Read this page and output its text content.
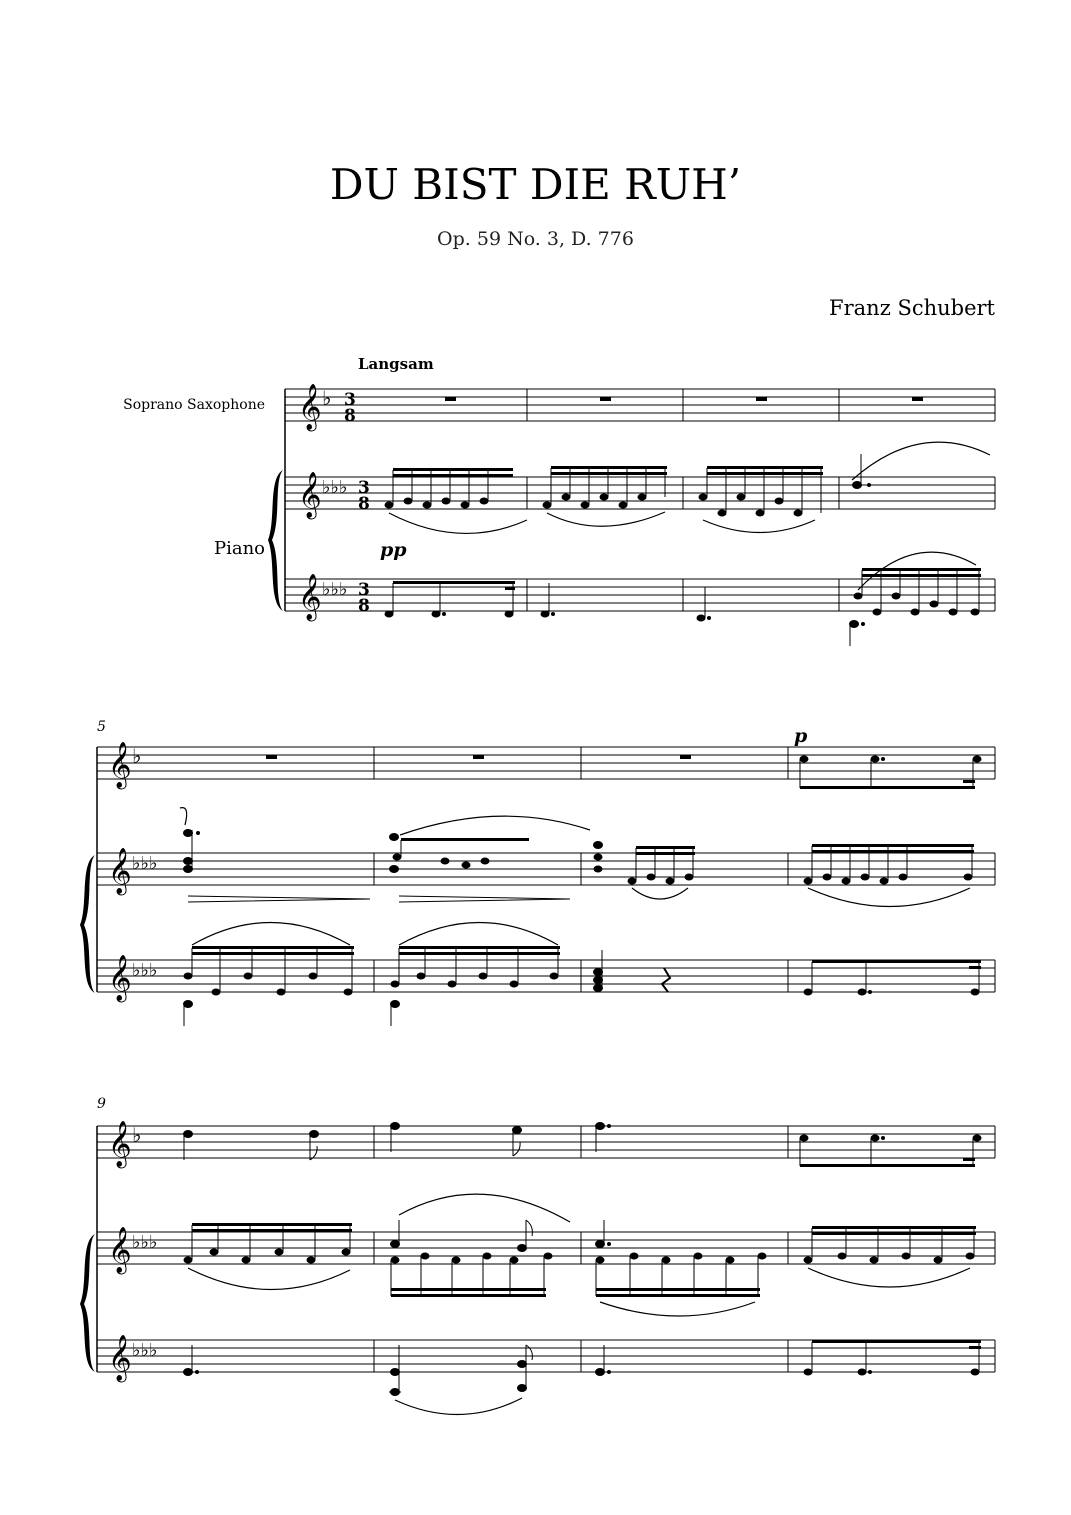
DU BIST DIE RUH’
Op. 59 No. 3, D. 776
Franz Schubert
Langsam
Soprano Saxophone
Piano
𝄞 ♭ 3
8
𝄞 ♭♭♭ 3
8
pp
𝄞 ♭♭♭ 3
8
5
𝄞 ♭
p
𝄞 ♭♭♭
𝄞 ♭♭♭
9
𝄞 ♭
𝄞 ♭♭♭
𝄞 ♭♭♭
